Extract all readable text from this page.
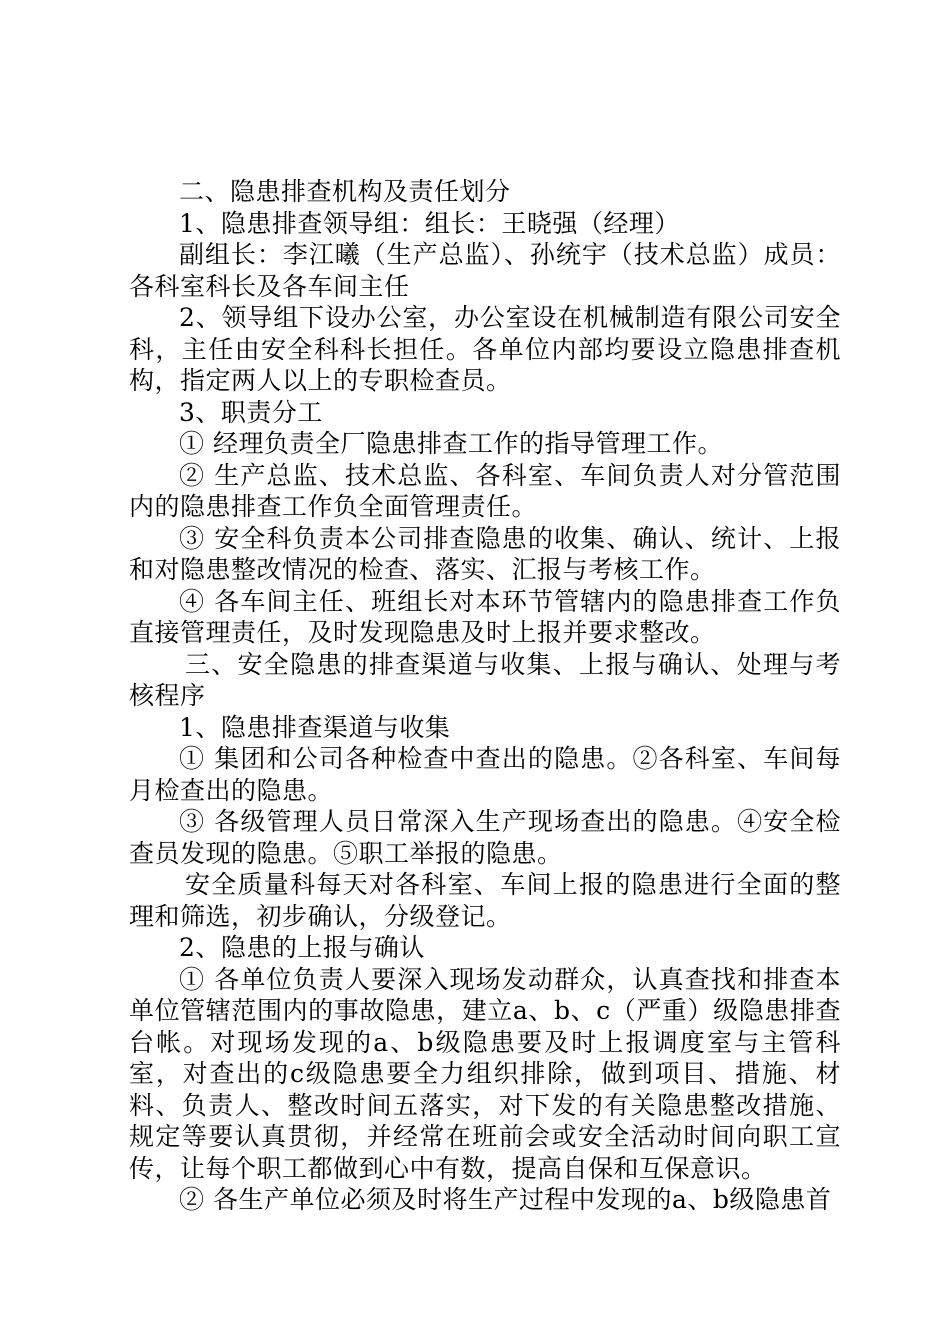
二、隐患排查机构及责任划分

1、隐患排查领导组：组长：王晓强（经理）

副组长：李江曦（生产总监）、孙统宇（技术总监）成员：各科室科长及各车间主任

2、领导组下设办公室，办公室设在机械制造有限公司安全科，主任由安全科科长担任。各单位内部均要设立隐患排查机构，指定两人以上的专职检查员。

3、职责分工

① 经理负责全厂隐患排查工作的指导管理工作。

② 生产总监、技术总监、各科室、车间负责人对分管范围内的隐患排查工作负全面管理责任。

③ 安全科负责本公司排查隐患的收集、确认、统计、上报和对隐患整改情况的检查、落实、汇报与考核工作。

④ 各车间主任、班组长对本环节管辖内的隐患排查工作负直接管理责任，及时发现隐患及时上报并要求整改。

三、安全隐患的排查渠道与收集、上报与确认、处理与考核程序

1、隐患排查渠道与收集

① 集团和公司各种检查中查出的隐患。②各科室、车间每月检查出的隐患。

③ 各级管理人员日常深入生产现场查出的隐患。④安全检查员发现的隐患。⑤职工举报的隐患。

安全质量科每天对各科室、车间上报的隐患进行全面的整理和筛选，初步确认，分级登记。

2、隐患的上报与确认

① 各单位负责人要深入现场发动群众，认真查找和排查本单位管辖范围内的事故隐患，建立a、b、c（严重）级隐患排查台帐。对现场发现的a、b级隐患要及时上报调度室与主管科室，对查出的c级隐患要全力组织排除，做到项目、措施、材料、负责人、整改时间五落实，对下发的有关隐患整改措施、规定等要认真贯彻，并经常在班前会或安全活动时间向职工宣传，让每个职工都做到心中有数，提高自保和互保意识。

② 各生产单位必须及时将生产过程中发现的a、b级隐患首
